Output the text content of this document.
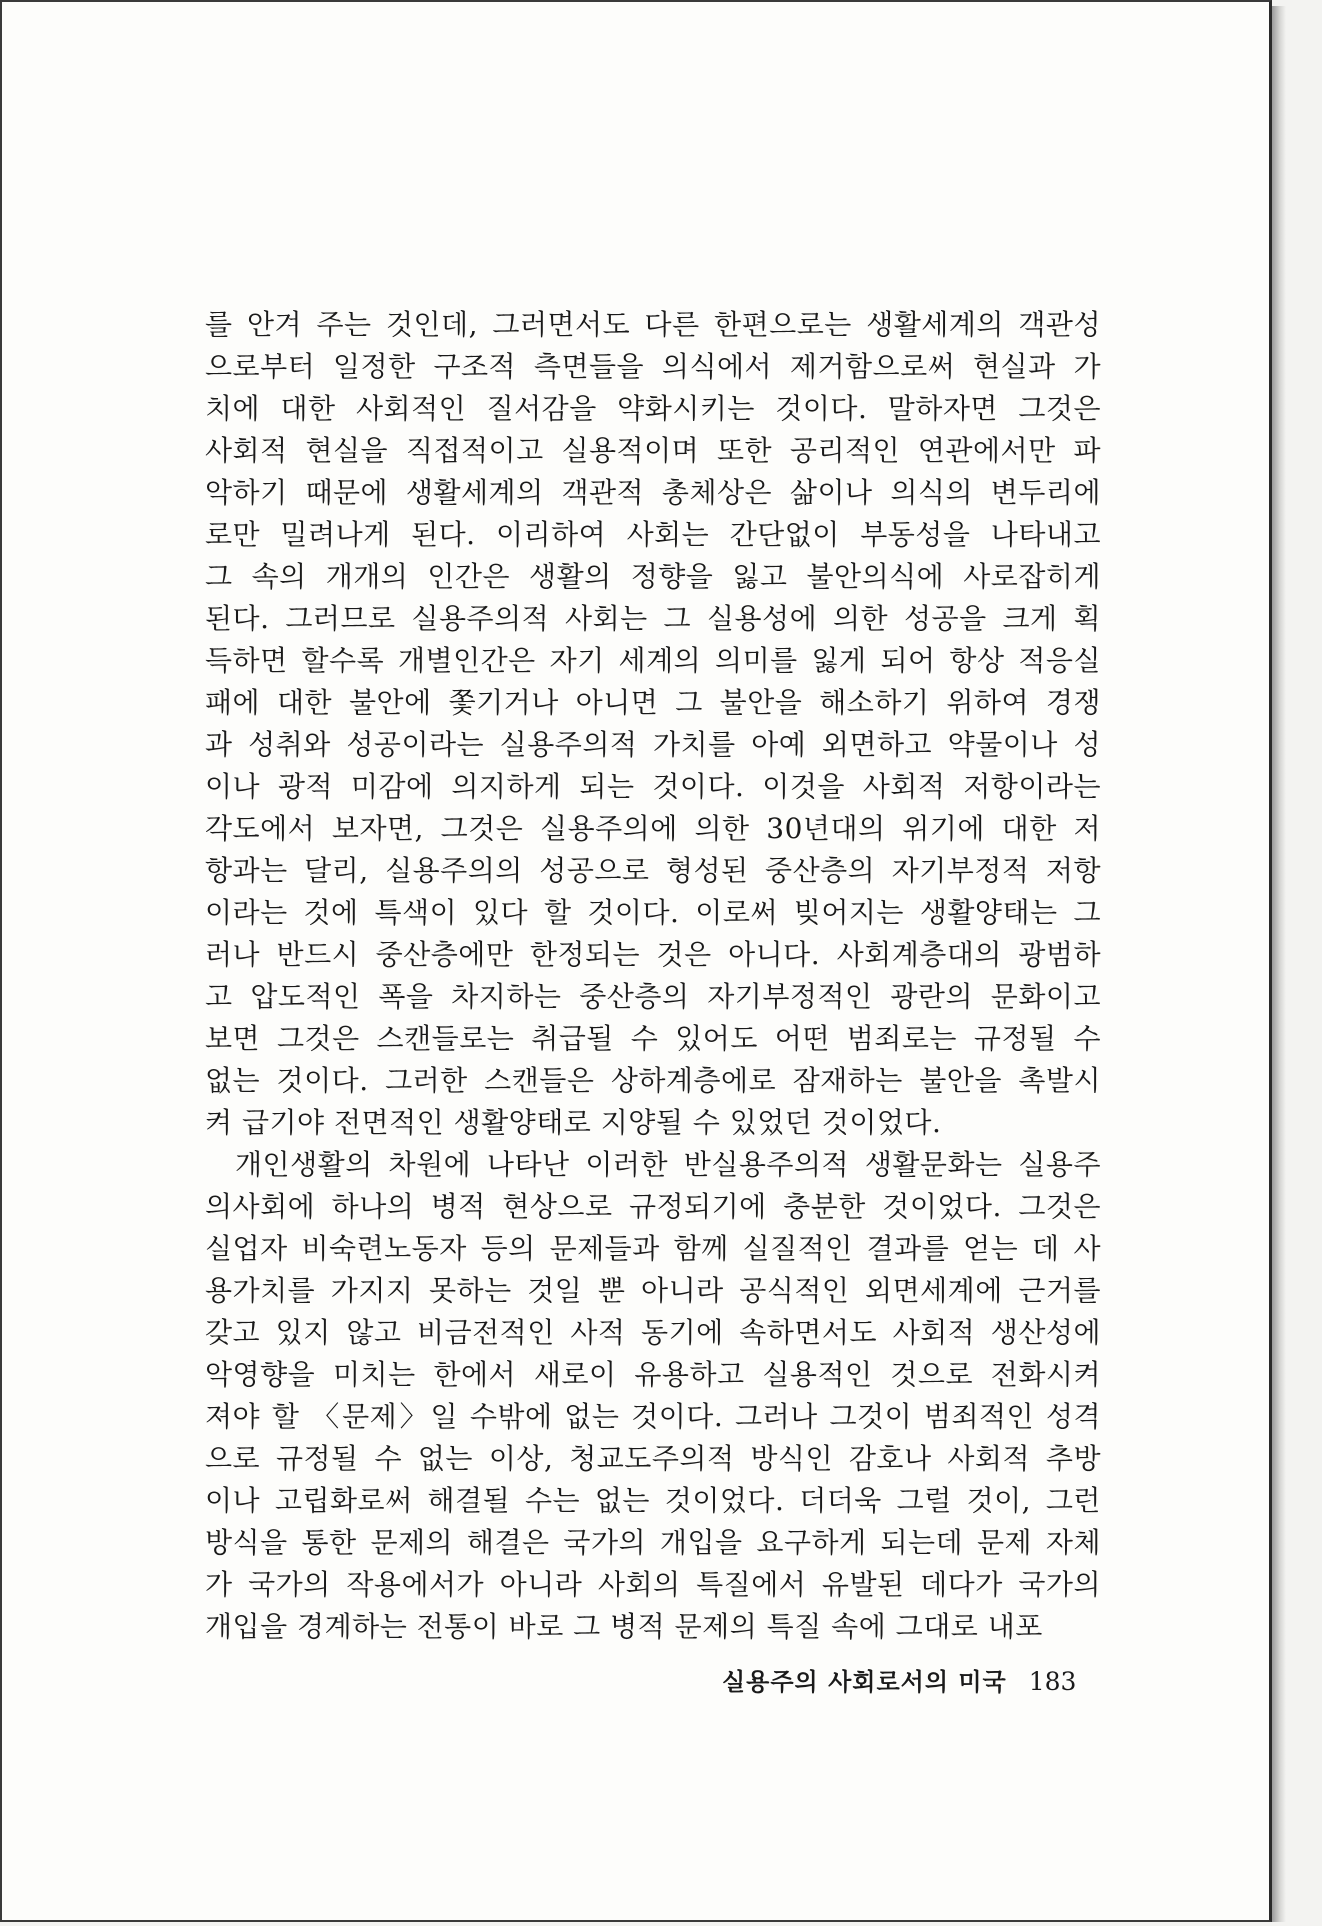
를 안겨 주는 것인데, 그러면서도 다른 한편으로는 생활세계의 객관성
으로부터 일정한 구조적 측면들을 의식에서 제거함으로써 현실과 가
치에 대한 사회적인 질서감을 약화시키는 것이다. 말하자면 그것은
사회적 현실을 직접적이고 실용적이며 또한 공리적인 연관에서만 파
악하기 때문에 생활세계의 객관적 총체상은 삶이나 의식의 변두리에
로만 밀려나게 된다. 이리하여 사회는 간단없이 부동성을 나타내고
그 속의 개개의 인간은 생활의 정향을 잃고 불안의식에 사로잡히게
된다. 그러므로 실용주의적 사회는 그 실용성에 의한 성공을 크게 획
득하면 할수록 개별인간은 자기 세계의 의미를 잃게 되어 항상 적응실
패에 대한 불안에 쫓기거나 아니면 그 불안을 해소하기 위하여 경쟁
과 성취와 성공이라는 실용주의적 가치를 아예 외면하고 약물이나 성
이나 광적 미감에 의지하게 되는 것이다. 이것을 사회적 저항이라는
각도에서 보자면, 그것은 실용주의에 의한 30년대의 위기에 대한 저
항과는 달리, 실용주의의 성공으로 형성된 중산층의 자기부정적 저항
이라는 것에 특색이 있다 할 것이다. 이로써 빚어지는 생활양태는 그
러나 반드시 중산층에만 한정되는 것은 아니다. 사회계층대의 광범하
고 압도적인 폭을 차지하는 중산층의 자기부정적인 광란의 문화이고
보면 그것은 스캔들로는 취급될 수 있어도 어떤 범죄로는 규정될 수
없는 것이다. 그러한 스캔들은 상하계층에로 잠재하는 불안을 촉발시
켜 급기야 전면적인 생활양태로 지양될 수 있었던 것이었다.
개인생활의 차원에 나타난 이러한 반실용주의적 생활문화는 실용주
의사회에 하나의 병적 현상으로 규정되기에 충분한 것이었다. 그것은
실업자 비숙련노동자 등의 문제들과 함께 실질적인 결과를 얻는 데 사
용가치를 가지지 못하는 것일 뿐 아니라 공식적인 외면세계에 근거를
갖고 있지 않고 비금전적인 사적 동기에 속하면서도 사회적 생산성에
악영향을 미치는 한에서 새로이 유용하고 실용적인 것으로 전화시켜
져야 할 〈문제〉일 수밖에 없는 것이다. 그러나 그것이 범죄적인 성격
으로 규정될 수 없는 이상, 청교도주의적 방식인 감호나 사회적 추방
이나 고립화로써 해결될 수는 없는 것이었다. 더더욱 그럴 것이, 그런
방식을 통한 문제의 해결은 국가의 개입을 요구하게 되는데 문제 자체
가 국가의 작용에서가 아니라 사회의 특질에서 유발된 데다가 국가의
개입을 경계하는 전통이 바로 그 병적 문제의 특질 속에 그대로 내포
실용주의 사회로서의 미국 183
